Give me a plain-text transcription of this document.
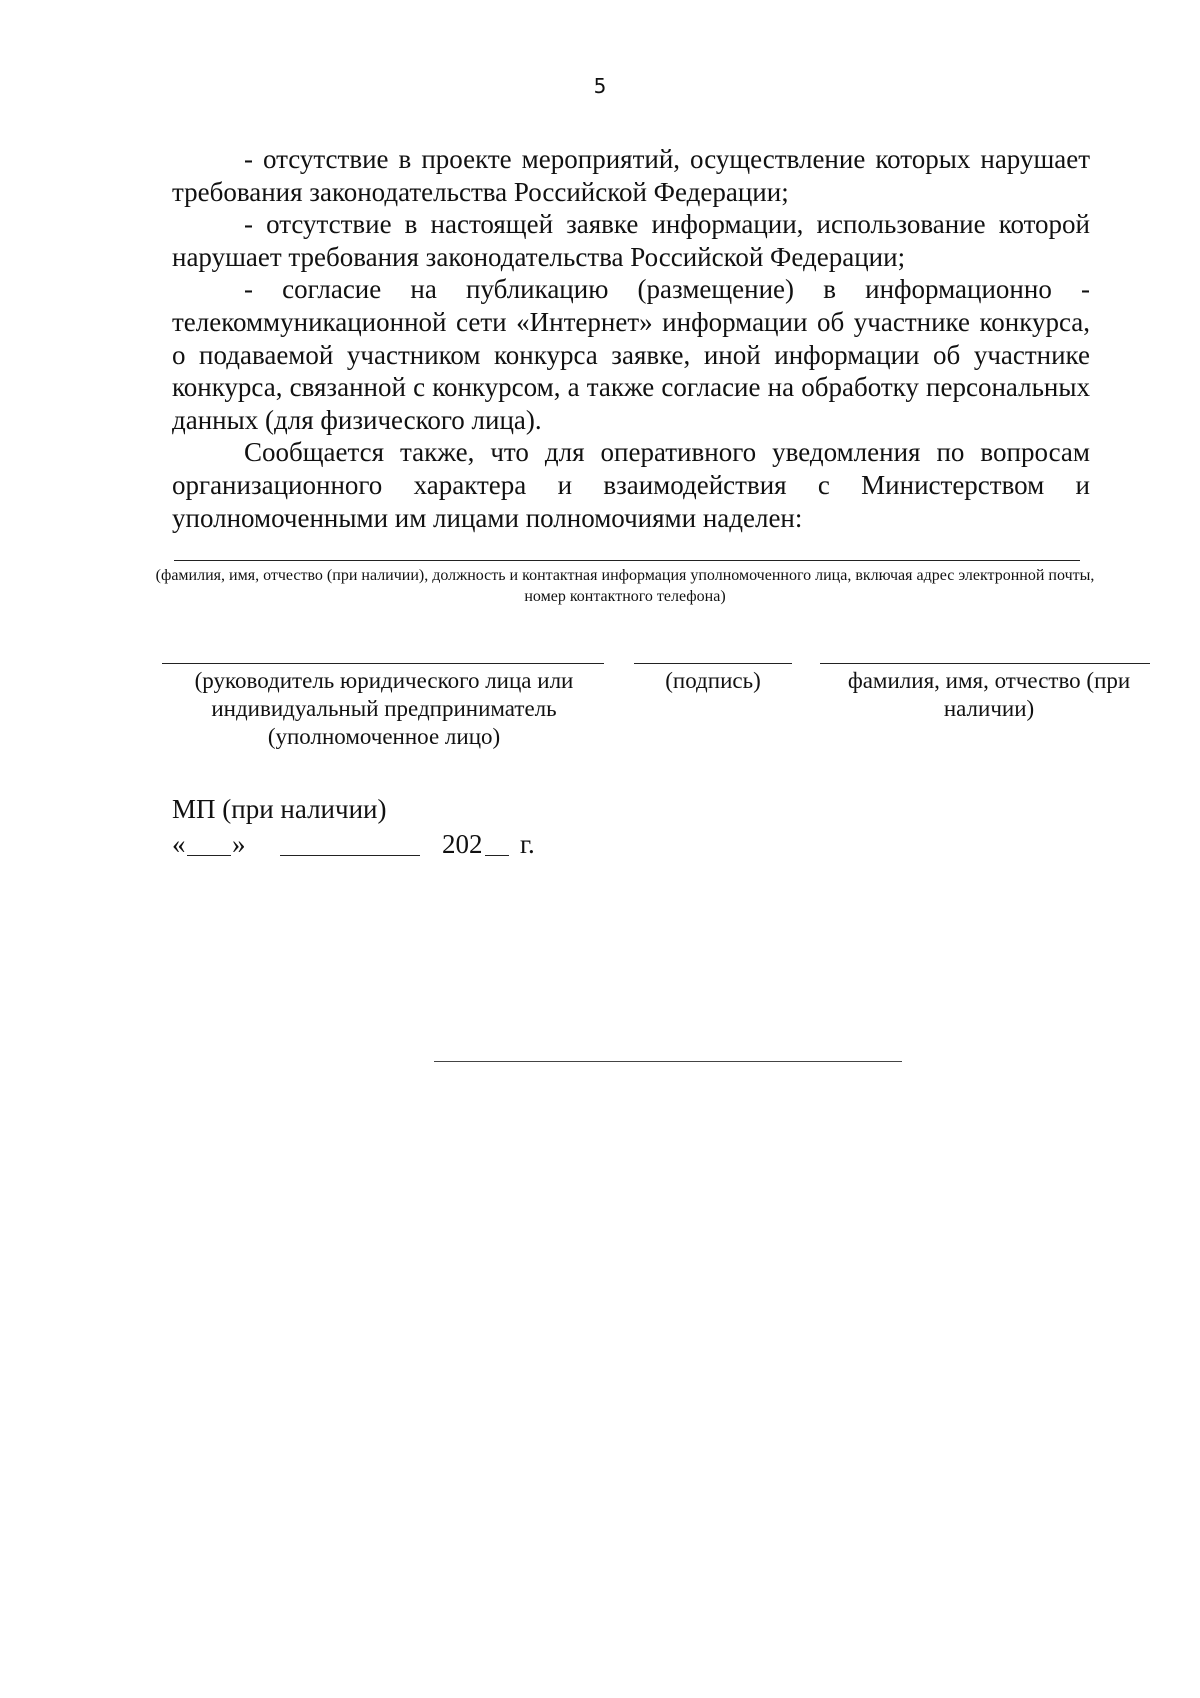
5

- отсутствие в проекте мероприятий, осуществление которых нарушает требования законодательства Российской Федерации;

- отсутствие в настоящей заявке информации, использование которой нарушает требования законодательства Российской Федерации;

- согласие на публикацию (размещение) в информационно - телекоммуникационной сети «Интернет» информации об участнике конкурса, о подаваемой участником конкурса заявке, иной информации об участнике конкурса, связанной с конкурсом, а также согласие на обработку персональных данных (для физического лица).

Сообщается также, что для оперативного уведомления по вопросам организационного характера и взаимодействия с Министерством и уполномоченными им лицами полномочиями наделен:

(фамилия, имя, отчество (при наличии), должность и контактная информация уполномоченного лица, включая адрес электронной почты, номер контактного телефона)
(руководитель юридического лица или индивидуальный предприниматель (уполномоченное лицо)
(подпись)	фамилия, имя, отчество (при наличии)
МП (при наличии)
« »	202 г.
